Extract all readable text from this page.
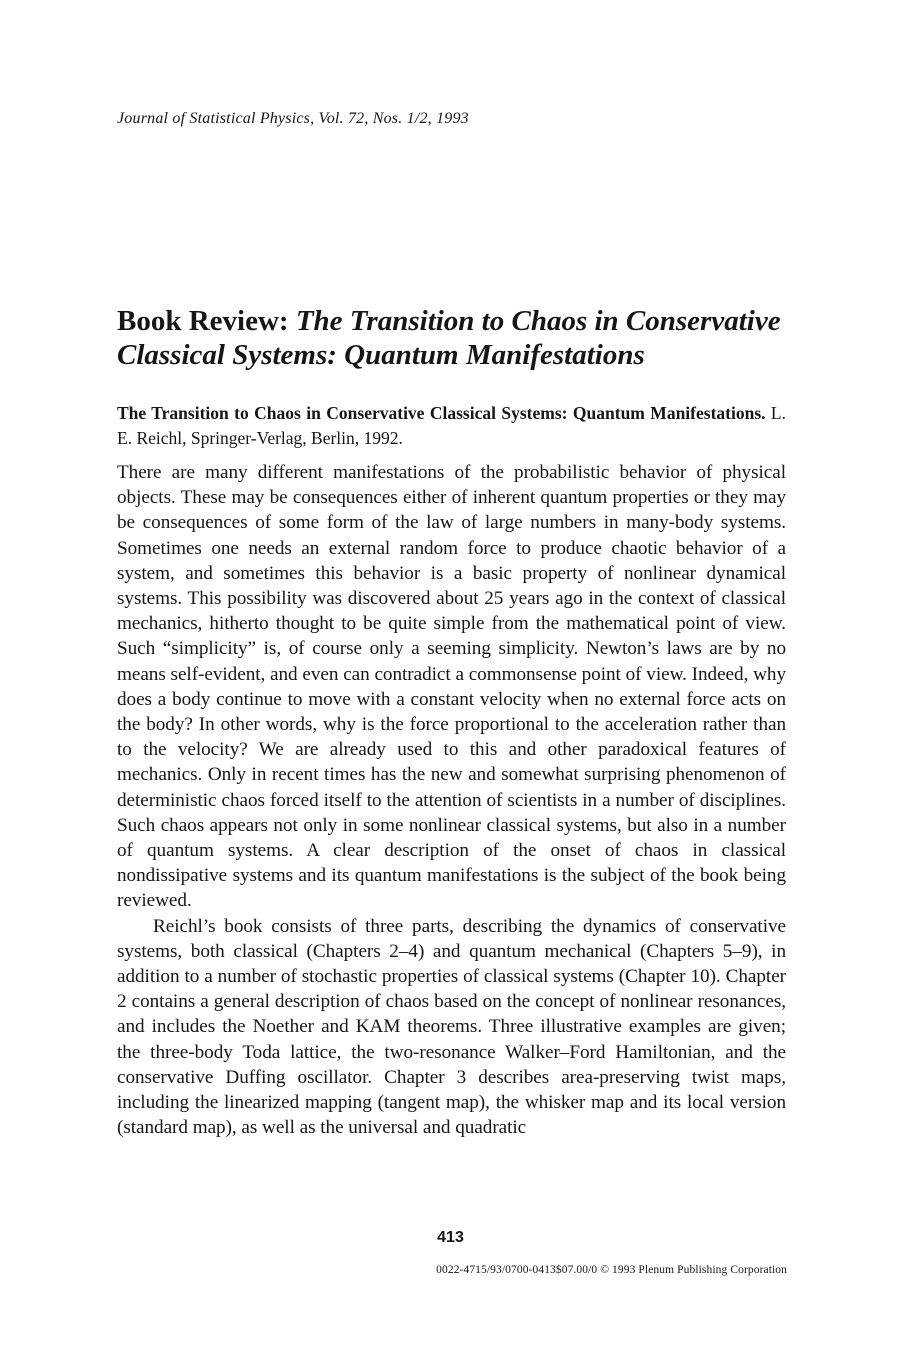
Journal of Statistical Physics, Vol. 72, Nos. 1/2, 1993
Book Review: The Transition to Chaos in Conservative Classical Systems: Quantum Manifestations

The Transition to Chaos in Conservative Classical Systems: Quantum Manifestations. L. E. Reichl, Springer-Verlag, Berlin, 1992.

There are many different manifestations of the probabilistic behavior of physical objects. These may be consequences either of inherent quantum properties or they may be consequences of some form of the law of large numbers in many-body systems. Sometimes one needs an external random force to produce chaotic behavior of a system, and sometimes this behavior is a basic property of nonlinear dynamical systems. This possibility was discovered about 25 years ago in the context of classical mechanics, hitherto thought to be quite simple from the mathematical point of view. Such “simplicity” is, of course only a seeming simplicity. Newton’s laws are by no means self-evident, and even can contradict a commonsense point of view. Indeed, why does a body continue to move with a constant velocity when no external force acts on the body? In other words, why is the force proportional to the acceleration rather than to the velocity? We are already used to this and other paradoxical features of mechanics. Only in recent times has the new and somewhat surprising phenomenon of deterministic chaos forced itself to the attention of scientists in a number of disciplines. Such chaos appears not only in some nonlinear classical systems, but also in a number of quantum systems. A clear description of the onset of chaos in classical nondissipative systems and its quantum manifestations is the subject of the book being reviewed.

Reichl’s book consists of three parts, describing the dynamics of conservative systems, both classical (Chapters 2–4) and quantum mechanical (Chapters 5–9), in addition to a number of stochastic properties of classical systems (Chapter 10). Chapter 2 contains a general description of chaos based on the concept of nonlinear resonances, and includes the Noether and KAM theorems. Three illustrative examples are given; the three-body Toda lattice, the two-resonance Walker–Ford Hamiltonian, and the conservative Duffing oscillator. Chapter 3 describes area-preserving twist maps, including the linearized mapping (tangent map), the whisker map and its local version (standard map), as well as the universal and quadratic

413
0022-4715/93/0700-0413$07.00/0 © 1993 Plenum Publishing Corporation
